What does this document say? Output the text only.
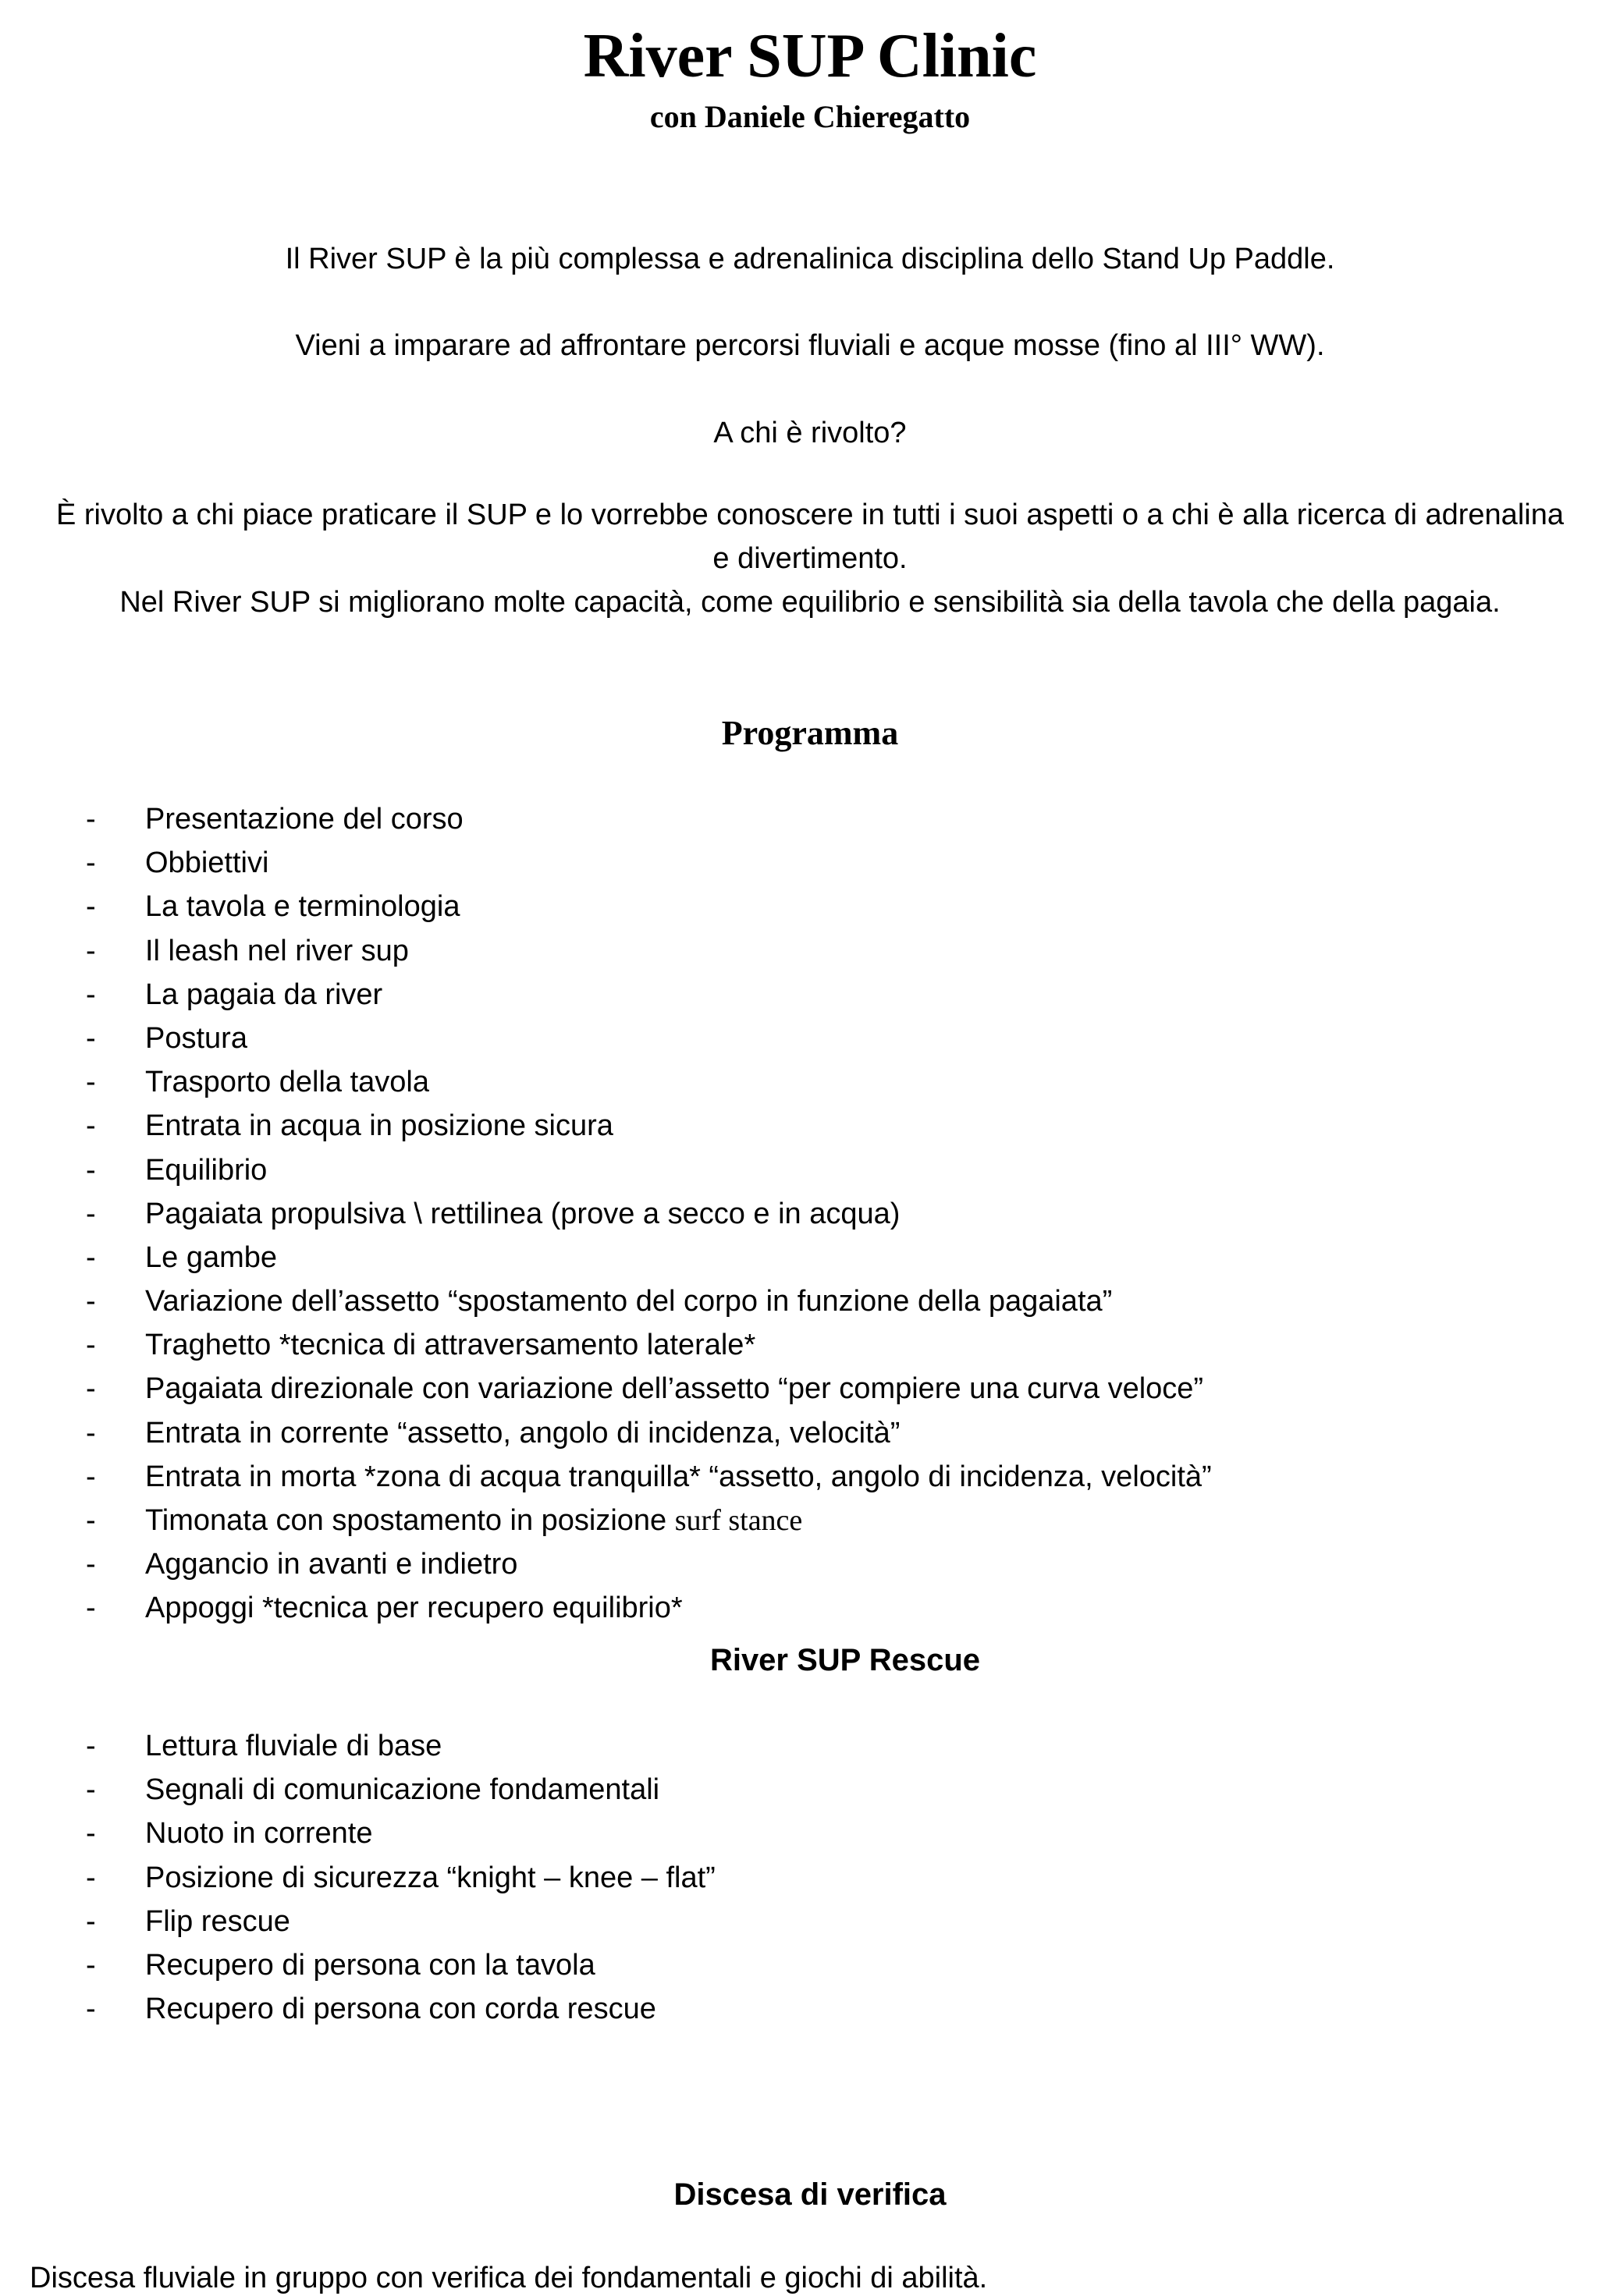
River SUP Clinic
con Daniele Chieregatto
Il River SUP è la più complessa e adrenalinica disciplina dello Stand Up Paddle.
Vieni a imparare ad affrontare percorsi fluviali e acque mosse (fino al III° WW).
A chi è rivolto?
È rivolto a chi piace praticare il SUP e lo vorrebbe conoscere in tutti i suoi aspetti o a chi è alla ricerca di adrenalina e divertimento.
Nel River SUP si migliorano molte capacità, come equilibrio e sensibilità sia della tavola che della pagaia.
Programma
- Presentazione del corso
- Obbiettivi
- La tavola e terminologia
- Il leash nel river sup
- La pagaia da river
- Postura
- Trasporto della tavola
- Entrata in acqua in posizione sicura
- Equilibrio
- Pagaiata propulsiva \ rettilinea (prove a secco e in acqua)
- Le gambe
- Variazione dell’assetto “spostamento del corpo in funzione della pagaiata”
- Traghetto *tecnica di attraversamento laterale*
- Pagaiata direzionale con variazione dell’assetto “per compiere una curva veloce”
- Entrata in corrente “assetto, angolo di incidenza, velocità”
- Entrata in morta *zona di acqua tranquilla* “assetto, angolo di incidenza, velocità”
- Timonata con spostamento in posizione surf stance
- Aggancio in avanti e indietro
- Appoggi *tecnica per recupero equilibrio*
River SUP Rescue
- Lettura fluviale di base
- Segnali di comunicazione fondamentali
- Nuoto in corrente
- Posizione di sicurezza “knight – knee – flat”
- Flip rescue
- Recupero di persona con la tavola
- Recupero di persona con corda rescue
Discesa di verifica
Discesa fluviale in gruppo con verifica dei fondamentali e giochi di abilità.
